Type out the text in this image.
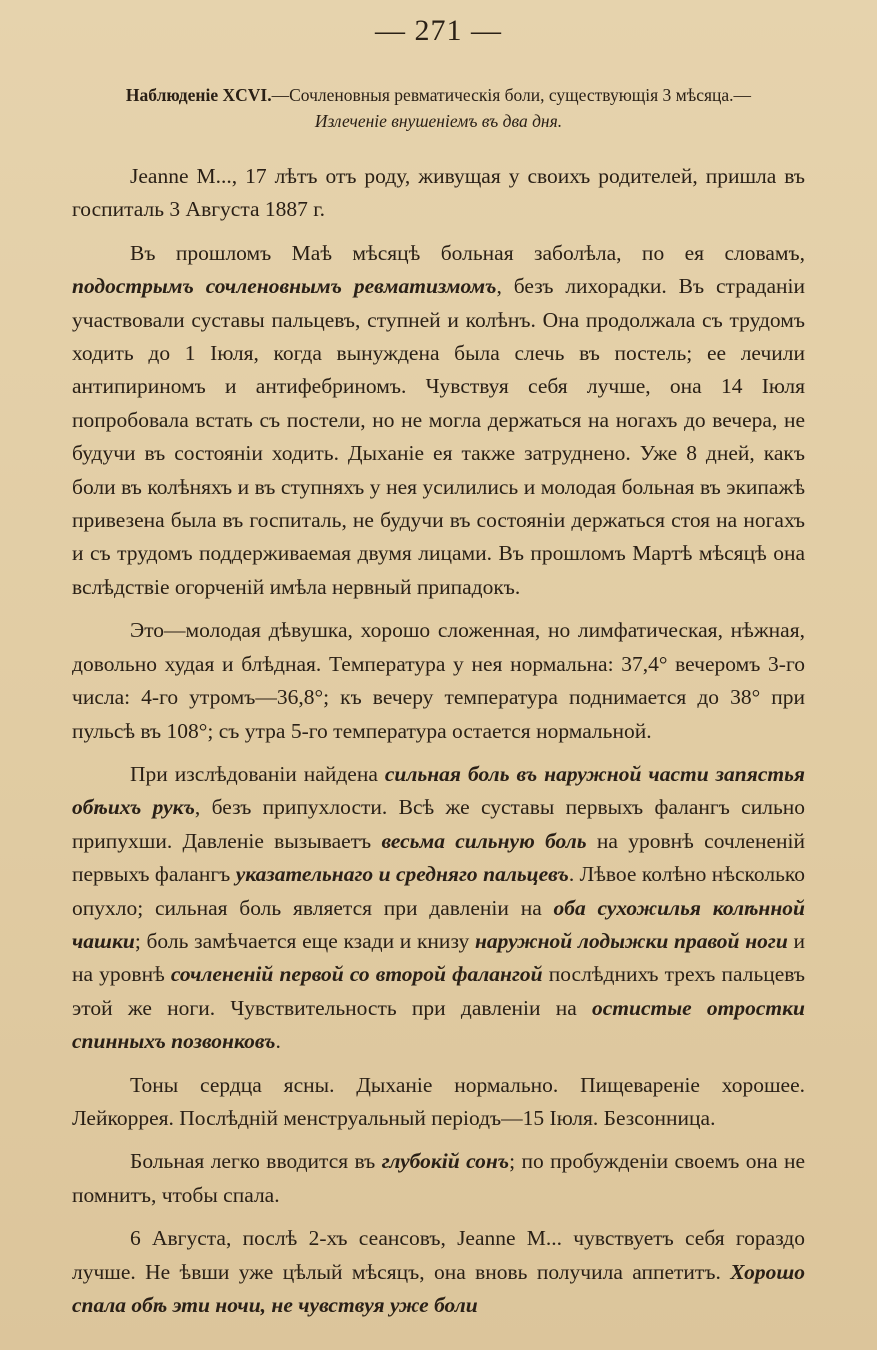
— 271 —
Наблюденіе XCVI.—Сочленовныя ревматическія боли, существующія 3 мѣсяца.—
Излеченіе внушеніемъ въ два дня.

Jeanne M..., 17 лѣтъ отъ роду, живущая у своихъ родителей, пришла въ госпиталь 3 Августа 1887 г.

Въ прошломъ Маѣ мѣсяцѣ больная заболѣла, по ея словамъ, подострымъ сочленовнымъ ревматизмомъ, безъ лихорадки. Въ страданіи участвовали суставы пальцевъ, ступней и колѣнъ. Она продолжала съ трудомъ ходить до 1 Іюля, когда вынуждена была слечь въ постель; ее лечили антипириномъ и антифебриномъ. Чувствуя себя лучше, она 14 Іюля попробовала встать съ постели, но не могла держаться на ногахъ до вечера, не будучи въ состояніи ходить. Дыханіе ея также затруднено. Уже 8 дней, какъ боли въ колѣняхъ и въ ступняхъ у нея усилились и молодая больная въ экипажѣ привезена была въ госпиталь, не будучи въ состояніи держаться стоя на ногахъ и съ трудомъ поддерживаемая двумя лицами. Въ прошломъ Мартѣ мѣсяцѣ она вслѣдствіе огорченій имѣла нервный припадокъ.

Это—молодая дѣвушка, хорошо сложенная, но лимфатическая, нѣжная, довольно худая и блѣдная. Температура у нея нормальна: 37,4° вечеромъ 3-го числа: 4-го утромъ—36,8°; къ вечеру температура поднимается до 38° при пульсѣ въ 108°; съ утра 5-го температура остается нормальной.

При изслѣдованіи найдена сильная боль въ наружной части запястья обѣихъ рукъ, безъ припухлости. Всѣ же суставы первыхъ фалангъ сильно припухши. Давленіе вызываетъ весьма сильную боль на уровнѣ сочлененій первыхъ фалангъ указательнаго и средняго пальцевъ. Лѣвое колѣно нѣсколько опухло; сильная боль является при давленіи на оба сухожилья колѣнной чашки; боль замѣчается еще кзади и книзу наружной лодыжки правой ноги и на уровнѣ сочлененій первой со второй фалангой послѣднихъ трехъ пальцевъ этой же ноги. Чувствительность при давленіи на остистые отростки спинныхъ позвонковъ.

Тоны сердца ясны. Дыханіе нормально. Пищевареніе хорошее. Лейкоррея. Послѣдній менструальный періодъ—15 Іюля. Безсонница.

Больная легко вводится въ глубокій сонъ; по пробужденіи своемъ она не помнитъ, чтобы спала.

6 Августа, послѣ 2-хъ сеансовъ, Jeanne M... чувствуетъ себя гораздо лучше. Не ѣвши уже цѣлый мѣсяцъ, она вновь получила аппетитъ. Хорошо спала обѣ эти ночи, не чувствуя уже боли
